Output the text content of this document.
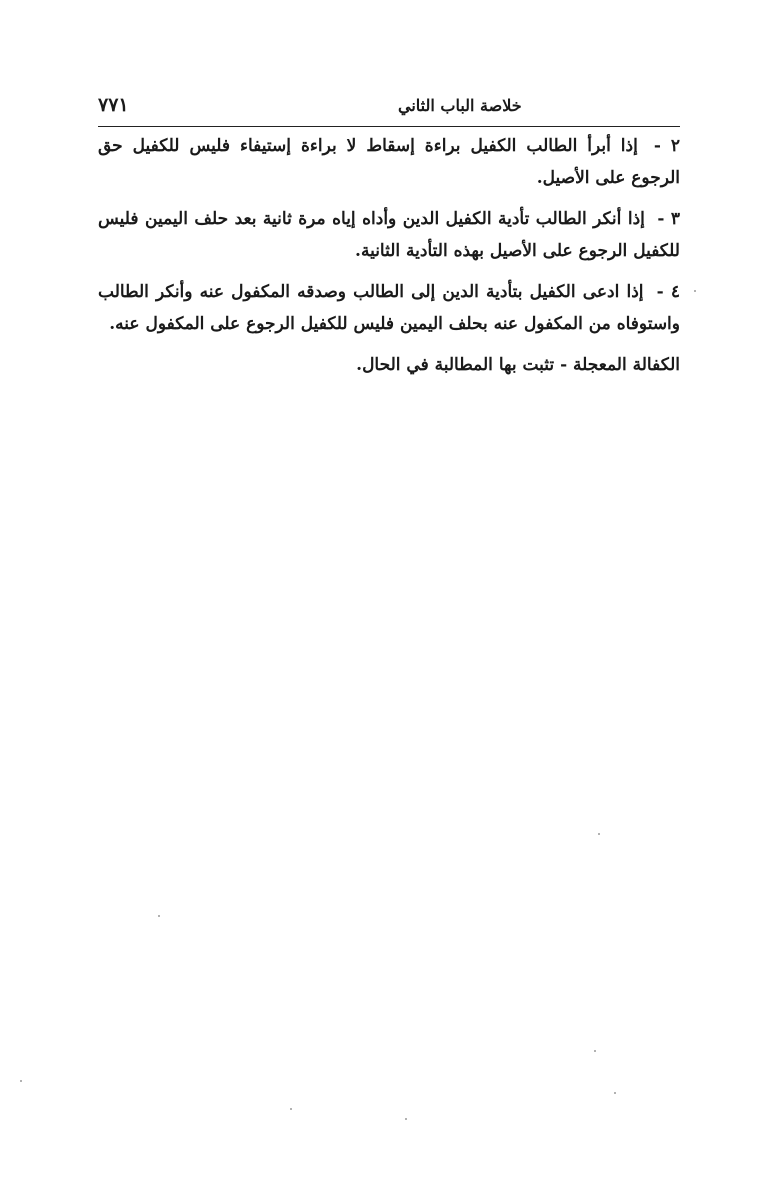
خلاصة الباب الثاني
٧٧١

٢ - إذا أبرأ الطالب الكفيل براءة إسقاط لا براءة إستيفاء فليس للكفيل حق الرجوع على الأصيل.

٣ - إذا أنكر الطالب تأدية الكفيل الدين وأداه إياه مرة ثانية بعد حلف اليمين فليس للكفيل الرجوع على الأصيل بهذه التأدية الثانية.

٤ - إذا ادعى الكفيل بتأدية الدين إلى الطالب وصدقه المكفول عنه وأنكر الطالب واستوفاه من المكفول عنه بحلف اليمين فليس للكفيل الرجوع على المكفول عنه.

الكفالة المعجلة - تثبت بها المطالبة في الحال.
